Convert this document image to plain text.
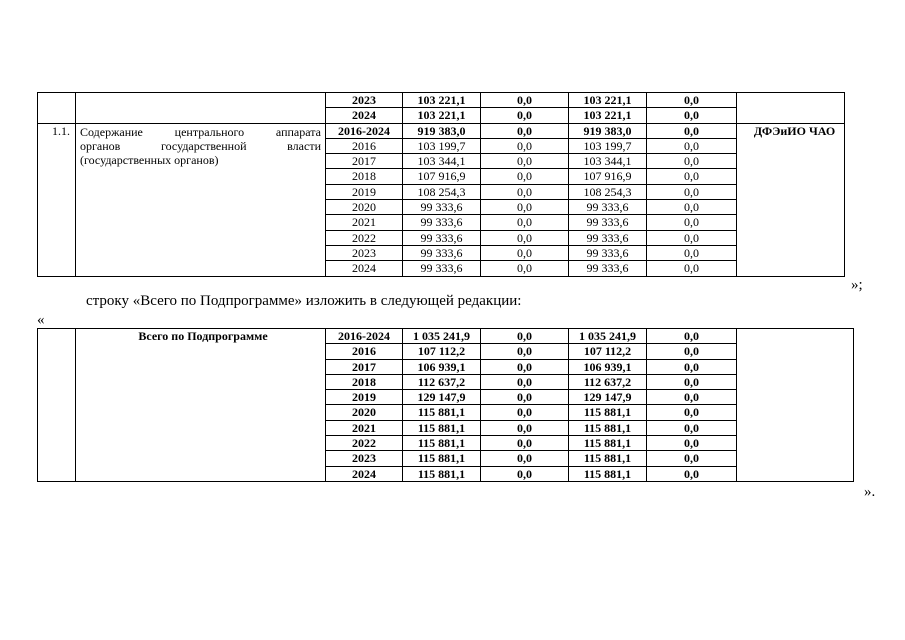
		2023	103 221,1	0,0	103 221,1	0,0	
		2024	103 221,1	0,0	103 221,1	0,0	
1.1.	Содержание центрального аппарата
органов государственной власти
(государственных органов)	2016-2024	919 383,0	0,0	919 383,0	0,0	ДФЭиИО ЧАО
		2016	103 199,7	0,0	103 199,7	0,0	
		2017	103 344,1	0,0	103 344,1	0,0	
		2018	107 916,9	0,0	107 916,9	0,0	
		2019	108 254,3	0,0	108 254,3	0,0	
		2020	99 333,6	0,0	99 333,6	0,0	
		2021	99 333,6	0,0	99 333,6	0,0	
		2022	99 333,6	0,0	99 333,6	0,0	
		2023	99 333,6	0,0	99 333,6	0,0	
		2024	99 333,6	0,0	99 333,6	0,0	
»;
строку «Всего по Подпрограмме» изложить в следующей редакции:
«
	Всего по Подпрограмме	2016-2024	1 035 241,9	0,0	1 035 241,9	0,0	
		2016	107 112,2	0,0	107 112,2	0,0	
		2017	106 939,1	0,0	106 939,1	0,0	
		2018	112 637,2	0,0	112 637,2	0,0	
		2019	129 147,9	0,0	129 147,9	0,0	
		2020	115 881,1	0,0	115 881,1	0,0	
		2021	115 881,1	0,0	115 881,1	0,0	
		2022	115 881,1	0,0	115 881,1	0,0	
		2023	115 881,1	0,0	115 881,1	0,0	
		2024	115 881,1	0,0	115 881,1	0,0	
».
